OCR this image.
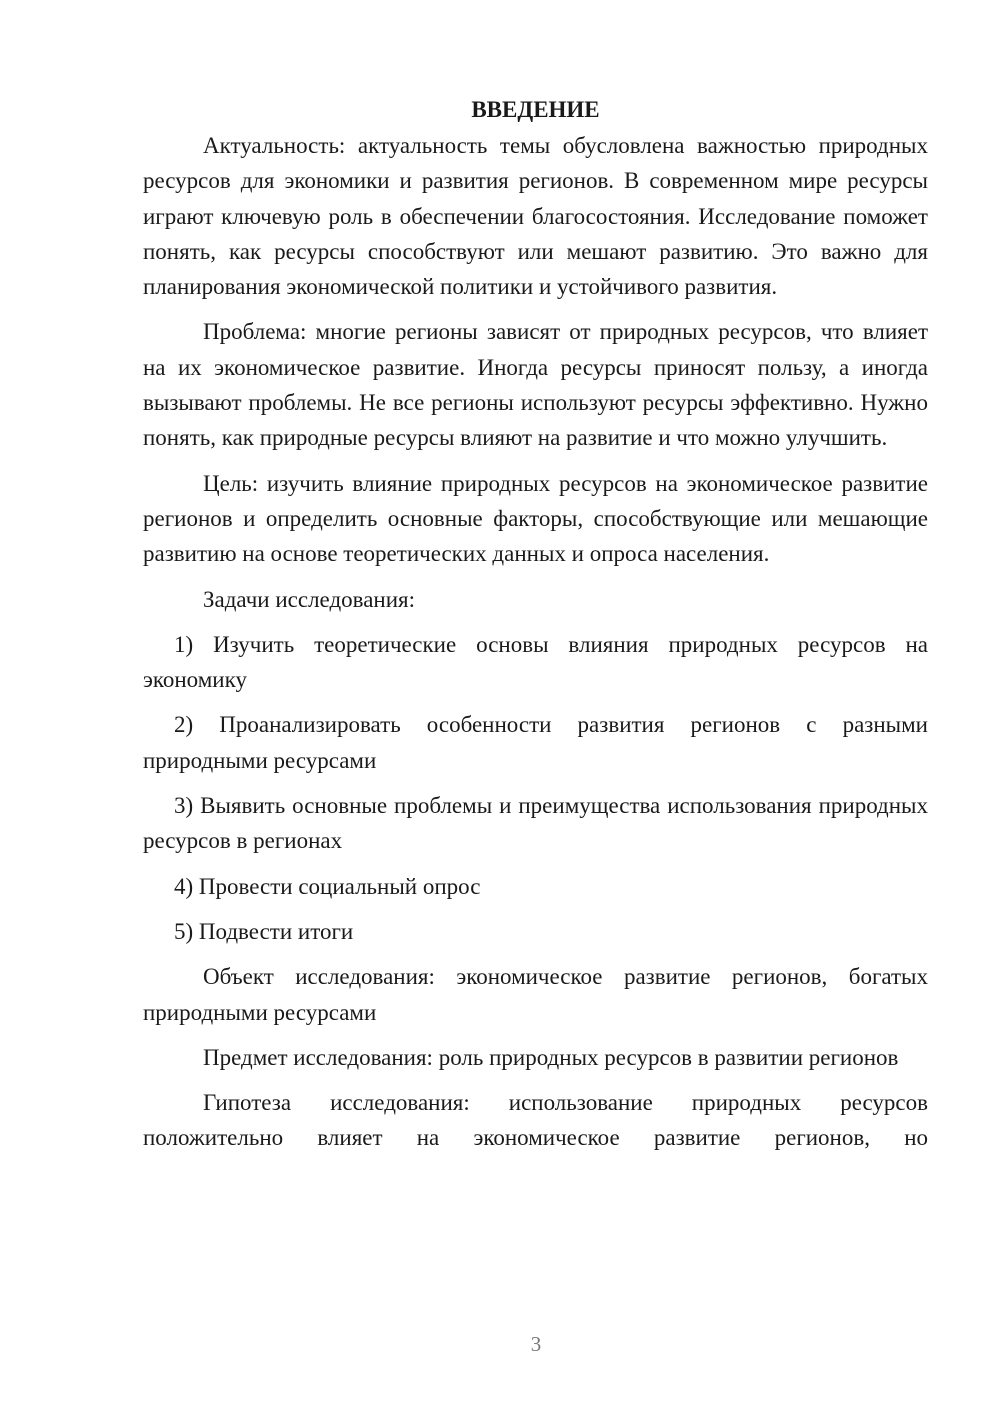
ВВЕДЕНИЕ

Актуальность: актуальность темы обусловлена важностью природных ресурсов для экономики и развития регионов. В современном мире ресурсы играют ключевую роль в обеспечении благосостояния. Исследование поможет понять, как ресурсы способствуют или мешают развитию. Это важно для планирования экономической политики и устойчивого развития.

Проблема: многие регионы зависят от природных ресурсов, что влияет на их экономическое развитие. Иногда ресурсы приносят пользу, а иногда вызывают проблемы. Не все регионы используют ресурсы эффективно. Нужно понять, как природные ресурсы влияют на развитие и что можно улучшить.

Цель: изучить влияние природных ресурсов на экономическое развитие регионов и определить основные факторы, способствующие или мешающие развитию на основе теоретических данных и опроса населения.

Задачи исследования:

1) Изучить теоретические основы влияния природных ресурсов на экономику

2) Проанализировать особенности развития регионов с разными природными ресурсами

3) Выявить основные проблемы и преимущества использования природных ресурсов в регионах

4) Провести социальный опрос

5) Подвести итоги

Объект исследования: экономическое развитие регионов, богатых природными ресурсами

Предмет исследования: роль природных ресурсов в развитии регионов

Гипотеза исследования: использование природных ресурсов положительно влияет на экономическое развитие регионов, но

3
